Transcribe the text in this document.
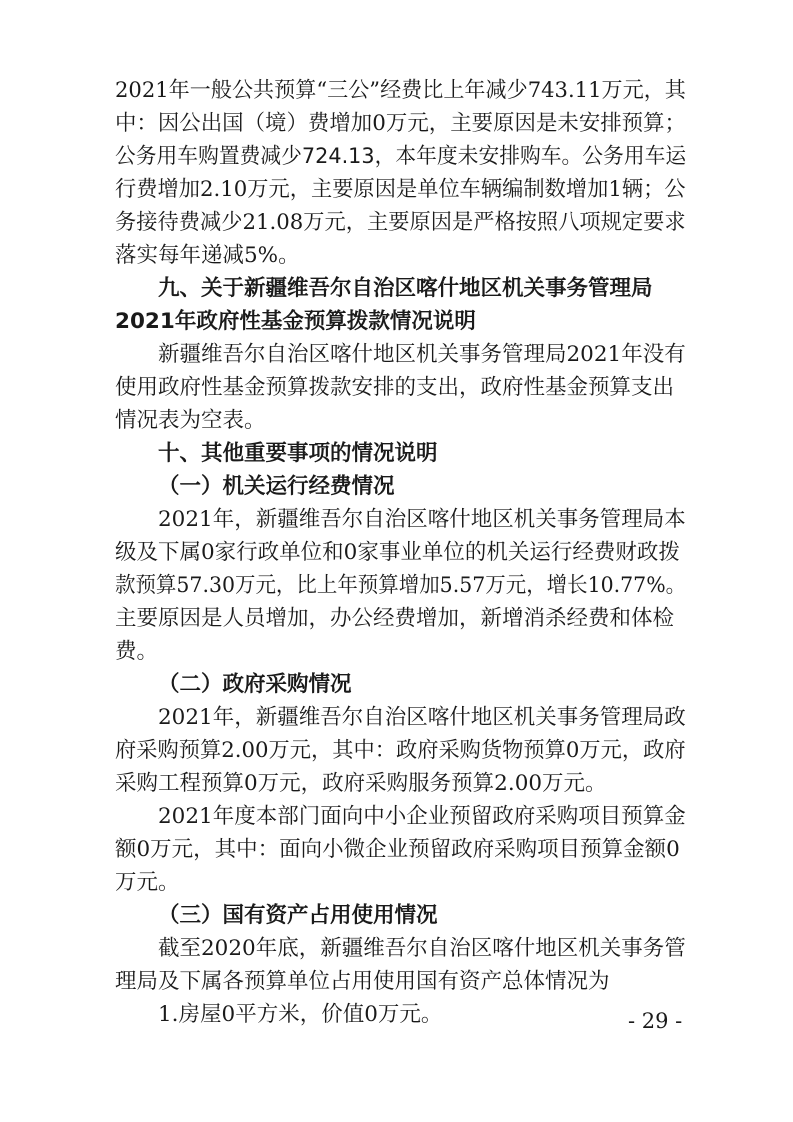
2021年一般公共预算“三公”经费比上年减少743.11万元，其
中：因公出国（境）费增加0万元，主要原因是未安排预算；
公务用车购置费减少724.13，本年度未安排购车。公务用车运
行费增加2.10万元，主要原因是单位车辆编制数增加1辆；公
务接待费减少21.08万元，主要原因是严格按照八项规定要求
落实每年递减5%。
九、关于新疆维吾尔自治区喀什地区机关事务管理局
2021年政府性基金预算拨款情况说明
新疆维吾尔自治区喀什地区机关事务管理局2021年没有
使用政府性基金预算拨款安排的支出，政府性基金预算支出
情况表为空表。
十、其他重要事项的情况说明
（一）机关运行经费情况
2021年，新疆维吾尔自治区喀什地区机关事务管理局本
级及下属0家行政单位和0家事业单位的机关运行经费财政拨
款预算57.30万元，比上年预算增加5.57万元，增长10.77%。
主要原因是人员增加，办公经费增加，新增消杀经费和体检
费。
（二）政府采购情况
2021年，新疆维吾尔自治区喀什地区机关事务管理局政
府采购预算2.00万元，其中：政府采购货物预算0万元，政府
采购工程预算0万元，政府采购服务预算2.00万元。
2021年度本部门面向中小企业预留政府采购项目预算金
额0万元，其中：面向小微企业预留政府采购项目预算金额0
万元。
（三）国有资产占用使用情况
截至2020年底，新疆维吾尔自治区喀什地区机关事务管
理局及下属各预算单位占用使用国有资产总体情况为
1.房屋0平方米，价值0万元。	- 29 -
